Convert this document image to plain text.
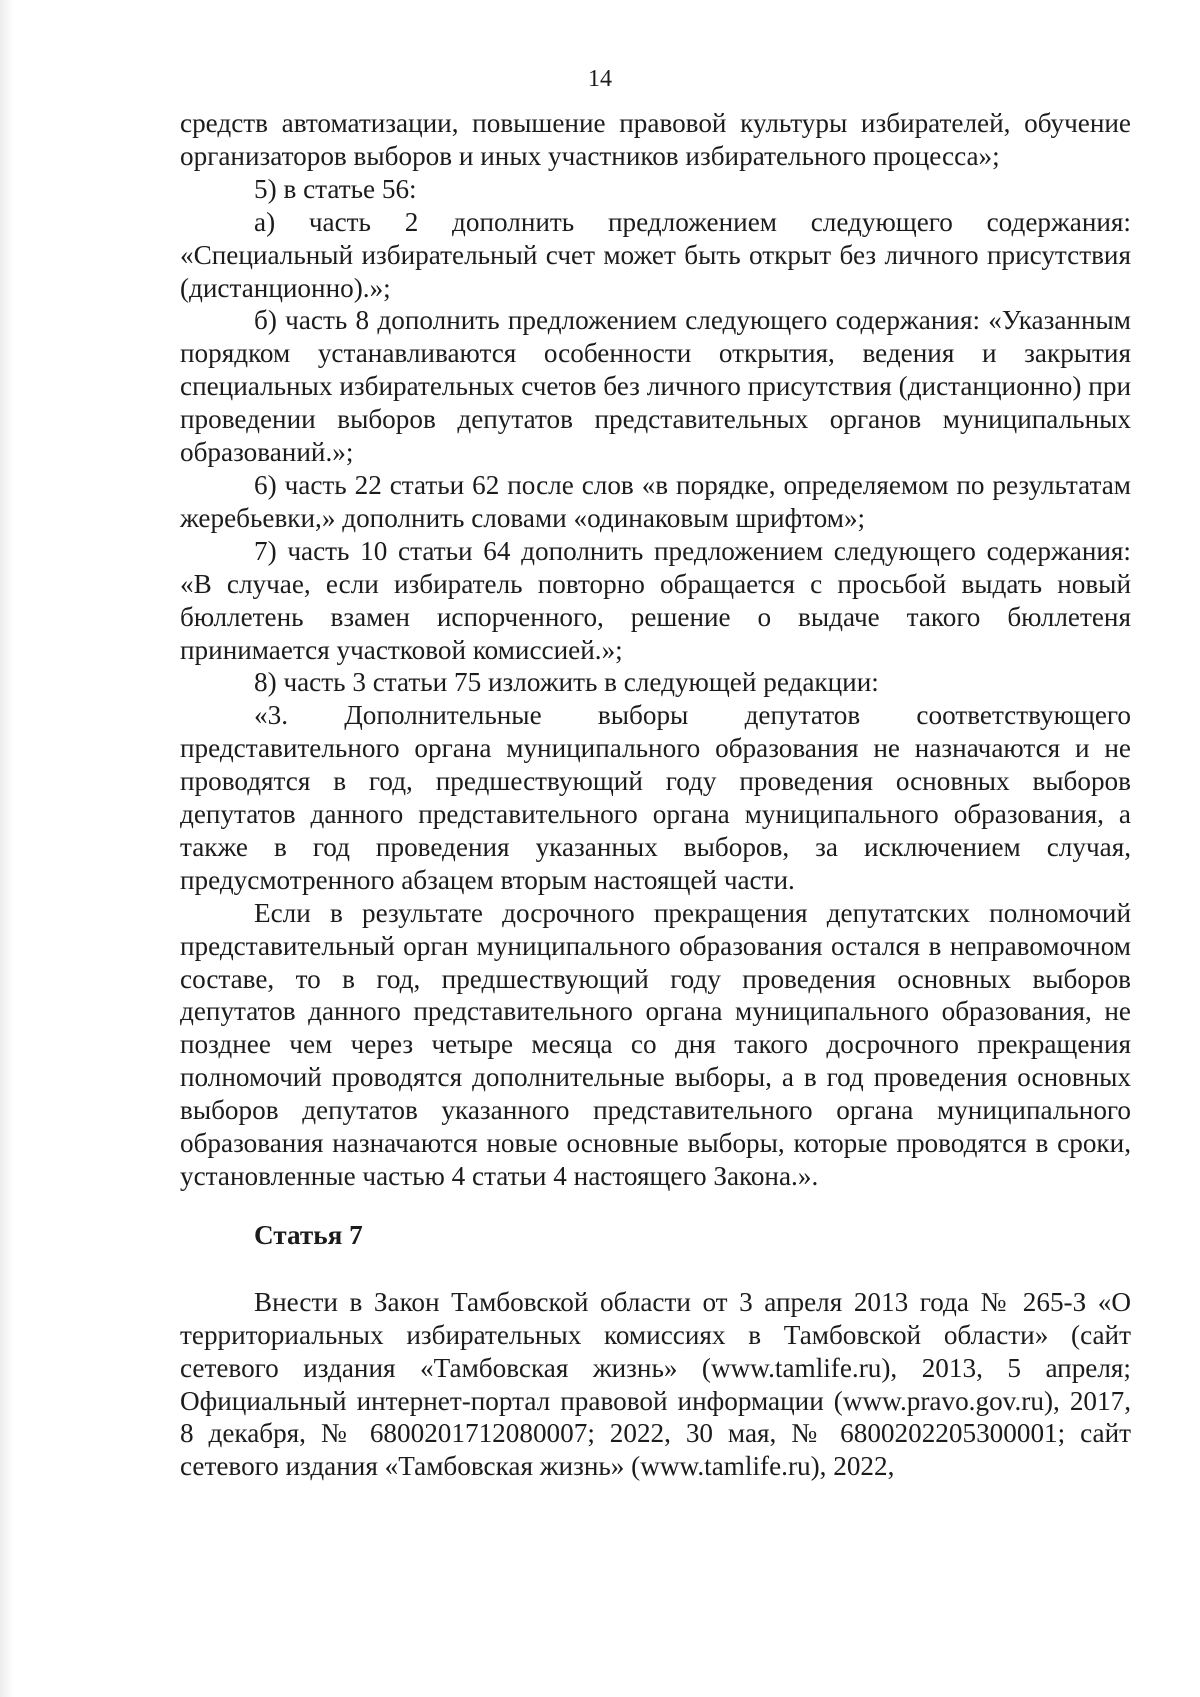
14

средств автоматизации, повышение правовой культуры избирателей, обучение организаторов выборов и иных участников избирательного процесса»;

5) в статье 56:

а) часть 2 дополнить предложением следующего содержания: «Специальный избирательный счет может быть открыт без личного присутствия (дистанционно).»;

б) часть 8 дополнить предложением следующего содержания: «Указанным порядком устанавливаются особенности открытия, ведения и закрытия специальных избирательных счетов без личного присутствия (дистанционно) при проведении выборов депутатов представительных органов муниципальных образований.»;

6) часть 22 статьи 62 после слов «в порядке, определяемом по результатам жеребьевки,» дополнить словами «одинаковым шрифтом»;

7) часть 10 статьи 64 дополнить предложением следующего содержания: «В случае, если избиратель повторно обращается с просьбой выдать новый бюллетень взамен испорченного, решение о выдаче такого бюллетеня принимается участковой комиссией.»;

8) часть 3 статьи 75 изложить в следующей редакции:

«3. Дополнительные выборы депутатов соответствующего представительного органа муниципального образования не назначаются и не проводятся в год, предшествующий году проведения основных выборов депутатов данного представительного органа муниципального образования, а также в год проведения указанных выборов, за исключением случая, предусмотренного абзацем вторым настоящей части.

Если в результате досрочного прекращения депутатских полномочий представительный орган муниципального образования остался в неправомочном составе, то в год, предшествующий году проведения основных выборов депутатов данного представительного органа муниципального образования, не позднее чем через четыре месяца со дня такого досрочного прекращения полномочий проводятся дополнительные выборы, а в год проведения основных выборов депутатов указанного представительного органа муниципального образования назначаются новые основные выборы, которые проводятся в сроки, установленные частью 4 статьи 4 настоящего Закона.».

Статья 7

Внести в Закон Тамбовской области от 3 апреля 2013 года № 265-З «О территориальных избирательных комиссиях в Тамбовской области» (сайт сетевого издания «Тамбовская жизнь» (www.tamlife.ru), 2013, 5 апреля; Официальный интернет-портал правовой информации (www.pravo.gov.ru), 2017, 8 декабря, № 6800201712080007; 2022, 30 мая, № 6800202205300001; сайт сетевого издания «Тамбовская жизнь» (www.tamlife.ru), 2022,
